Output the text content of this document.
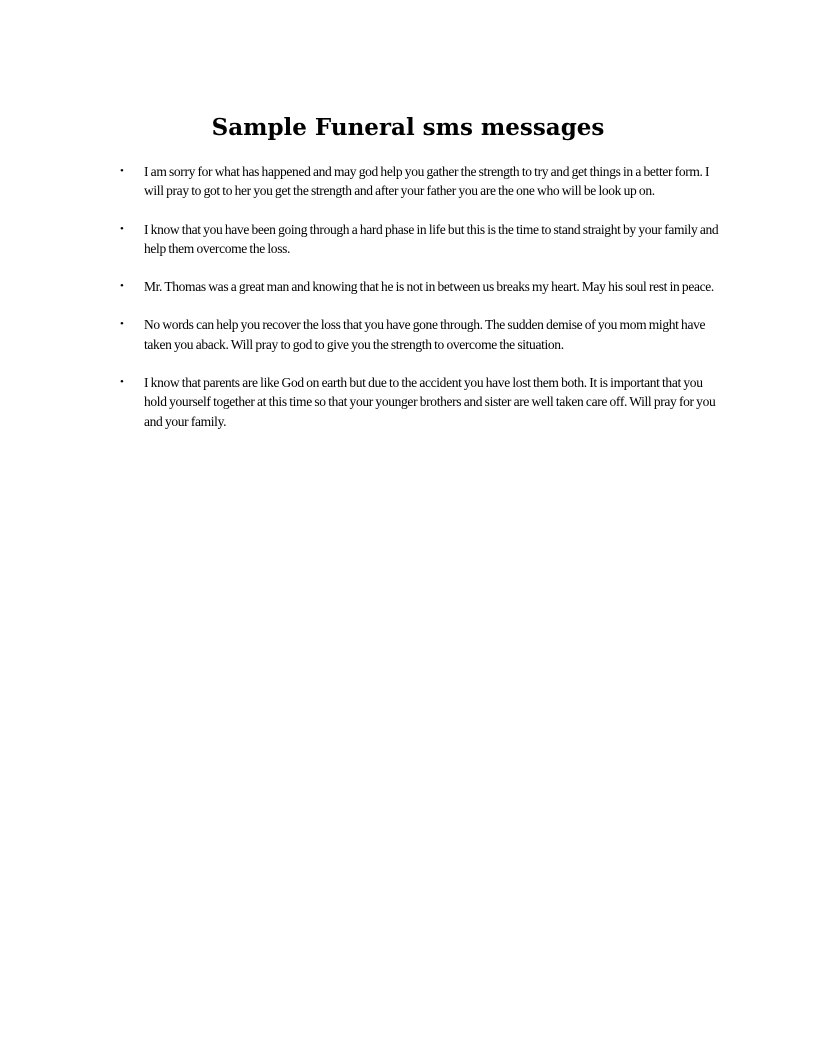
Sample Funeral sms messages
• I am sorry for what has happened and may god help you gather the strength to try and get things in a better form. I will pray to got to her you get the strength and after your father you are the one who will be look up on.
• I know that you have been going through a hard phase in life but this is the time to stand straight by your family and help them overcome the loss.
• Mr. Thomas was a great man and knowing that he is not in between us breaks my heart. May his soul rest in peace.
• No words can help you recover the loss that you have gone through. The sudden demise of you mom might have taken you aback. Will pray to god to give you the strength to overcome the situation.
• I know that parents are like God on earth but due to the accident you have lost them both. It is important that you hold yourself together at this time so that your younger brothers and sister are well taken care off. Will pray for you and your family.
